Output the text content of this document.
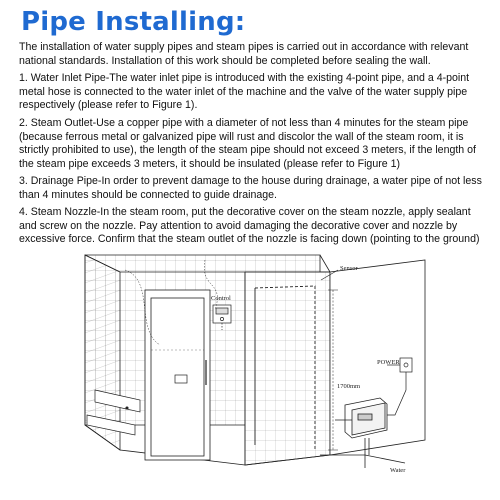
Pipe Installing:

The installation of water supply pipes and steam pipes is carried out in accordance with relevant national standards. Installation of this work should be completed before sealing the wall.

1. Water Inlet Pipe-The water inlet pipe is introduced with the existing 4-point pipe, and a 4-point metal hose is connected to the water inlet of the machine and the valve of the water supply pipe respectively (please refer to Figure 1).

2. Steam Outlet-Use a copper pipe with a diameter of not less than 4 minutes for the steam pipe (because ferrous metal or galvanized pipe will rust and discolor the wall of the steam room, it is strictly prohibited to use), the length of the steam pipe should not exceed 3 meters, if the length of the steam pipe exceeds 3 meters, it should be insulated (please refer to Figure 1)

3. Drainage Pipe-In order to prevent damage to the house during drainage, a water pipe of not less than 4 minutes should be connected to guide drainage.

4. Steam Nozzle-In the steam room, put the decorative cover on the steam nozzle, apply sealant and screw on the nozzle. Pay attention to avoid damaging the decorative cover and nozzle by excessive force. Confirm that the steam outlet of the nozzle is facing down (pointing to the ground)

Control
Sensor
POWER
1700mm
Water
